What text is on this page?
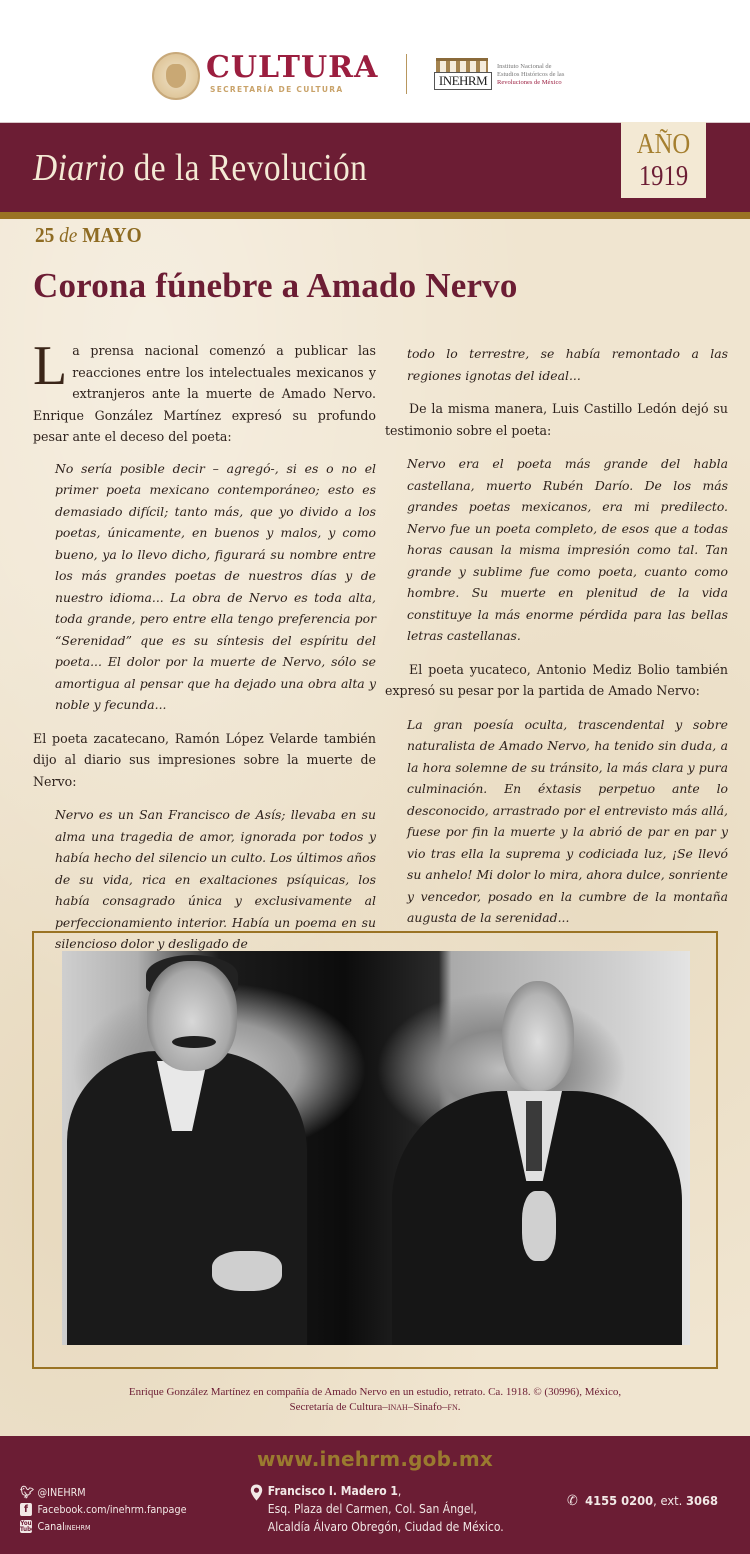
CULTURA
SECRETARÍA DE CULTURA
INEHRM
Instituto Nacional de
Estudios Históricos de las
Revoluciones de México
Diario de la Revolución
AÑO
1919
25 de MAYO
Corona fúnebre a Amado Nervo

La prensa nacional comenzó a publicar las reacciones entre los intelectuales mexicanos y extranjeros ante la muerte de Amado Nervo. Enrique González Martínez expresó su profundo pesar ante el deceso del poeta:

No sería posible decir – agregó-, si es o no el primer poeta mexicano contemporáneo; esto es demasiado difícil; tanto más, que yo divido a los poetas, únicamente, en buenos y malos, y como bueno, ya lo llevo dicho, figurará su nombre entre los más grandes poetas de nuestros días y de nuestro idioma... La obra de Nervo es toda alta, toda grande, pero entre ella tengo preferencia por “Serenidad” que es su síntesis del espíritu del poeta... El dolor por la muerte de Nervo, sólo se amortigua al pensar que ha dejado una obra alta y noble y fecunda...

El poeta zacatecano, Ramón López Velarde también dijo al diario sus impresiones sobre la muerte de Nervo:

Nervo es un San Francisco de Asís; llevaba en su alma una tragedia de amor, ignorada por todos y había hecho del silencio un culto. Los últimos años de su vida, rica en exaltaciones psíquicas, los había consagrado única y exclusivamente al perfeccionamiento interior. Había un poema en su silencioso dolor y desligado de

todo lo terrestre, se había remontado a las regiones ignotas del ideal...

De la misma manera, Luis Castillo Ledón dejó su testimonio sobre el poeta:

Nervo era el poeta más grande del habla castellana, muerto Rubén Darío. De los más grandes poetas mexicanos, era mi predilecto. Nervo fue un poeta completo, de esos que a todas horas causan la misma impresión como tal. Tan grande y sublime fue como poeta, cuanto como hombre. Su muerte en plenitud de la vida constituye la más enorme pérdida para las bellas letras castellanas.

El poeta yucateco, Antonio Mediz Bolio también expresó su pesar por la partida de Amado Nervo:

La gran poesía oculta, trascendental y sobre naturalista de Amado Nervo, ha tenido sin duda, a la hora solemne de su tránsito, la más clara y pura culminación. En éxtasis perpetuo ante lo desconocido, arrastrado por el entrevisto más allá, fuese por fin la muerte y la abrió de par en par y vio tras ella la suprema y codiciada luz, ¡Se llevó su anhelo! Mi dolor lo mira, ahora dulce, sonriente y vencedor, posado en la cumbre de la montaña augusta de la serenidad...

Enrique González Martínez en compañía de Amado Nervo en un estudio, retrato. Ca. 1918. © (30996), México,
Secretaría de Cultura–inah–Sinafo–fn.
www.inehrm.gob.mx
🐦︎ @INEHRM
f Facebook.com/inehrm.fanpage
You
Tube Canal inehrm
Francisco I. Madero 1,
Esq. Plaza del Carmen, Col. San Ángel,
Alcaldía Álvaro Obregón, Ciudad de México.
✆︎ 4155 0200, ext. 3068
